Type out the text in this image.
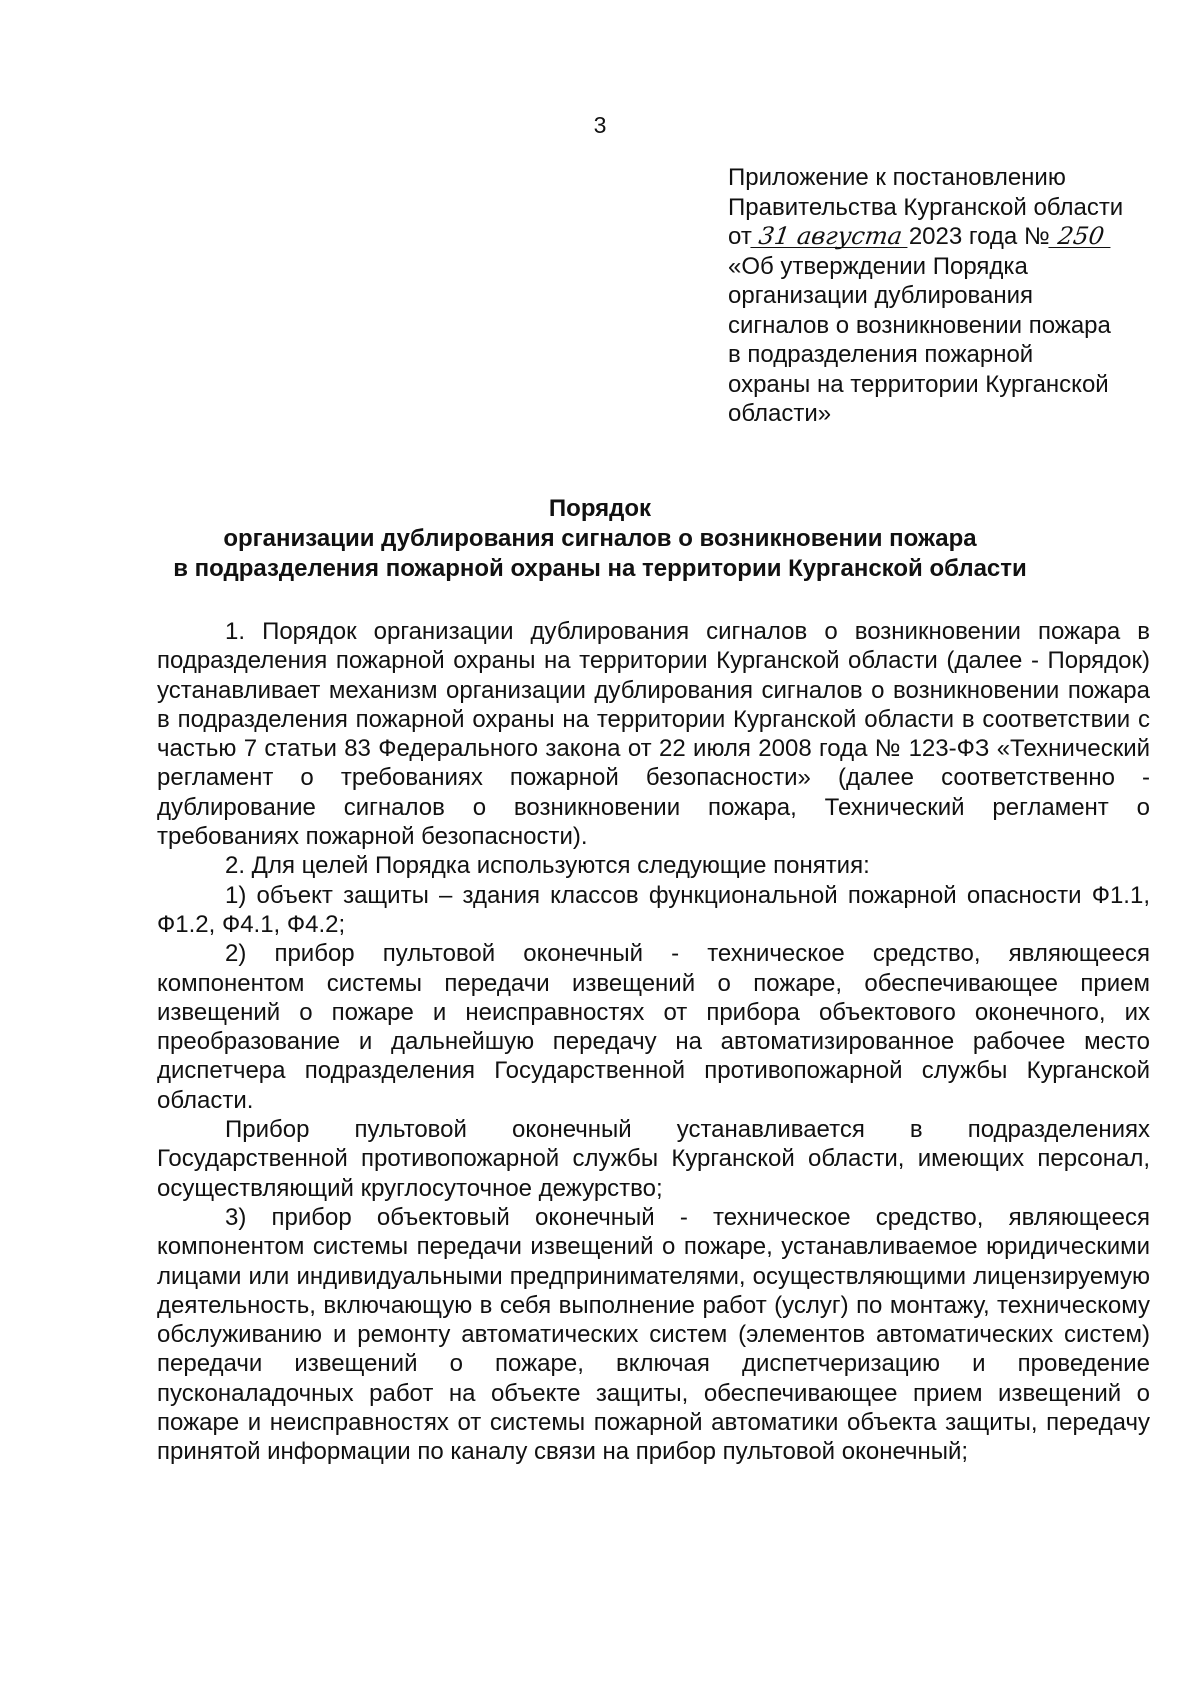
3
Приложение к постановлению
Правительства Курганской области
от 31 августа 2023 года № 250
«Об утверждении Порядка
организации дублирования
сигналов о возникновении пожара
в подразделения пожарной
охраны на территории Курганской
области»
Порядок
организации дублирования сигналов о возникновении пожара
в подразделения пожарной охраны на территории Курганской области

1. Порядок организации дублирования сигналов о возникновении пожара в подразделения пожарной охраны на территории Курганской области (далее - Порядок) устанавливает механизм организации дублирования сигналов о возникновении пожара в подразделения пожарной охраны на территории Курганской области в соответствии с частью 7 статьи 83 Федерального закона от 22 июля 2008 года № 123-ФЗ «Технический регламент о требованиях пожарной безопасности» (далее соответственно - дублирование сигналов о возникновении пожара, Технический регламент о требованиях пожарной безопасности).

2. Для целей Порядка используются следующие понятия:

1) объект защиты – здания классов функциональной пожарной опасности Ф1.1, Ф1.2, Ф4.1, Ф4.2;

2) прибор пультовой оконечный - техническое средство, являющееся компонентом системы передачи извещений о пожаре, обеспечивающее прием извещений о пожаре и неисправностях от прибора объектового оконечного, их преобразование и дальнейшую передачу на автоматизированное рабочее место диспетчера подразделения Государственной противопожарной службы Курганской области.

Прибор пультовой оконечный устанавливается в подразделениях Государственной противопожарной службы Курганской области, имеющих персонал, осуществляющий круглосуточное дежурство;

3) прибор объектовый оконечный - техническое средство, являющееся компонентом системы передачи извещений о пожаре, устанавливаемое юридическими лицами или индивидуальными предпринимателями, осуществляющими лицензируемую деятельность, включающую в себя выполнение работ (услуг) по монтажу, техническому обслуживанию и ремонту автоматических систем (элементов автоматических систем) передачи извещений о пожаре, включая диспетчеризацию и проведение пусконаладочных работ на объекте защиты, обеспечивающее прием извещений о пожаре и неисправностях от системы пожарной автоматики объекта защиты, передачу принятой информации по каналу связи на прибор пультовой оконечный;
